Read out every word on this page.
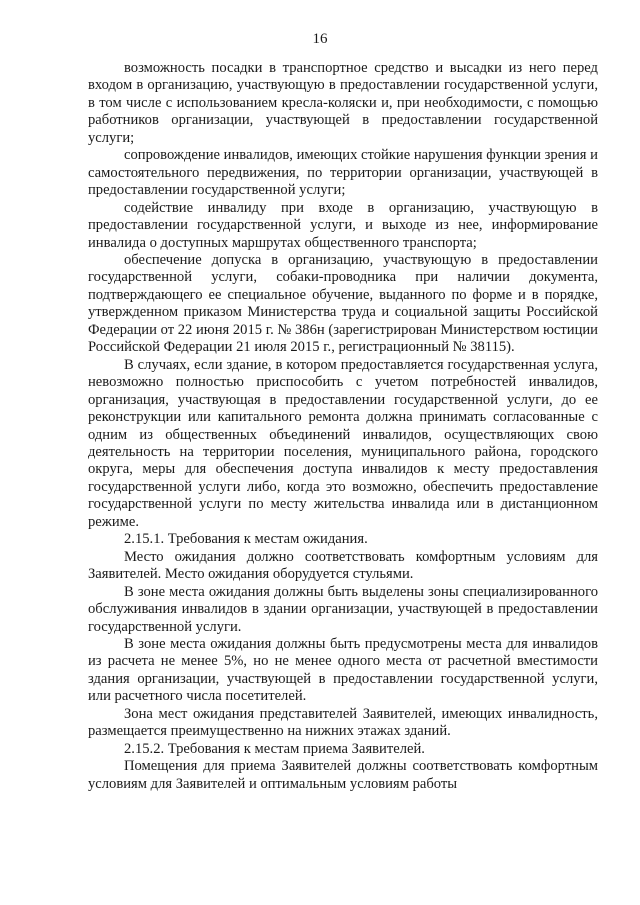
16

возможность посадки в транспортное средство и высадки из него перед входом в организацию, участвующую в предоставлении государственной услуги, в том числе с использованием кресла-коляски и, при необходимости, с помощью работников организации, участвующей в предоставлении государственной услуги;

сопровождение инвалидов, имеющих стойкие нарушения функции зрения и самостоятельного передвижения, по территории организации, участвующей в предоставлении государственной услуги;

содействие инвалиду при входе в организацию, участвующую в предоставлении государственной услуги, и выходе из нее, информирование инвалида о доступных маршрутах общественного транспорта;

обеспечение допуска в организацию, участвующую в предоставлении государственной услуги, собаки-проводника при наличии документа, подтверждающего ее специальное обучение, выданного по форме и в порядке, утвержденном приказом Министерства труда и социальной защиты Российской Федерации от 22 июня 2015 г. № 386н (зарегистрирован Министерством юстиции Российской Федерации 21 июля 2015 г., регистрационный № 38115).

В случаях, если здание, в котором предоставляется государственная услуга, невозможно полностью приспособить с учетом потребностей инвалидов, организация, участвующая в предоставлении государственной услуги, до ее реконструкции или капитального ремонта должна принимать согласованные с одним из общественных объединений инвалидов, осуществляющих свою деятельность на территории поселения, муниципального района, городского округа, меры для обеспечения доступа инвалидов к месту предоставления государственной услуги либо, когда это возможно, обеспечить предоставление государственной услуги по месту жительства инвалида или в дистанционном режиме.

2.15.1. Требования к местам ожидания.

Место ожидания должно соответствовать комфортным условиям для Заявителей. Место ожидания оборудуется стульями.

В зоне места ожидания должны быть выделены зоны специализированного обслуживания инвалидов в здании организации, участвующей в предоставлении государственной услуги.

В зоне места ожидания должны быть предусмотрены места для инвалидов из расчета не менее 5%, но не менее одного места от расчетной вместимости здания организации, участвующей в предоставлении государственной услуги, или расчетного числа посетителей.

Зона мест ожидания представителей Заявителей, имеющих инвалидность, размещается преимущественно на нижних этажах зданий.

2.15.2. Требования к местам приема Заявителей.

Помещения для приема Заявителей должны соответствовать комфортным условиям для Заявителей и оптимальным условиям работы
